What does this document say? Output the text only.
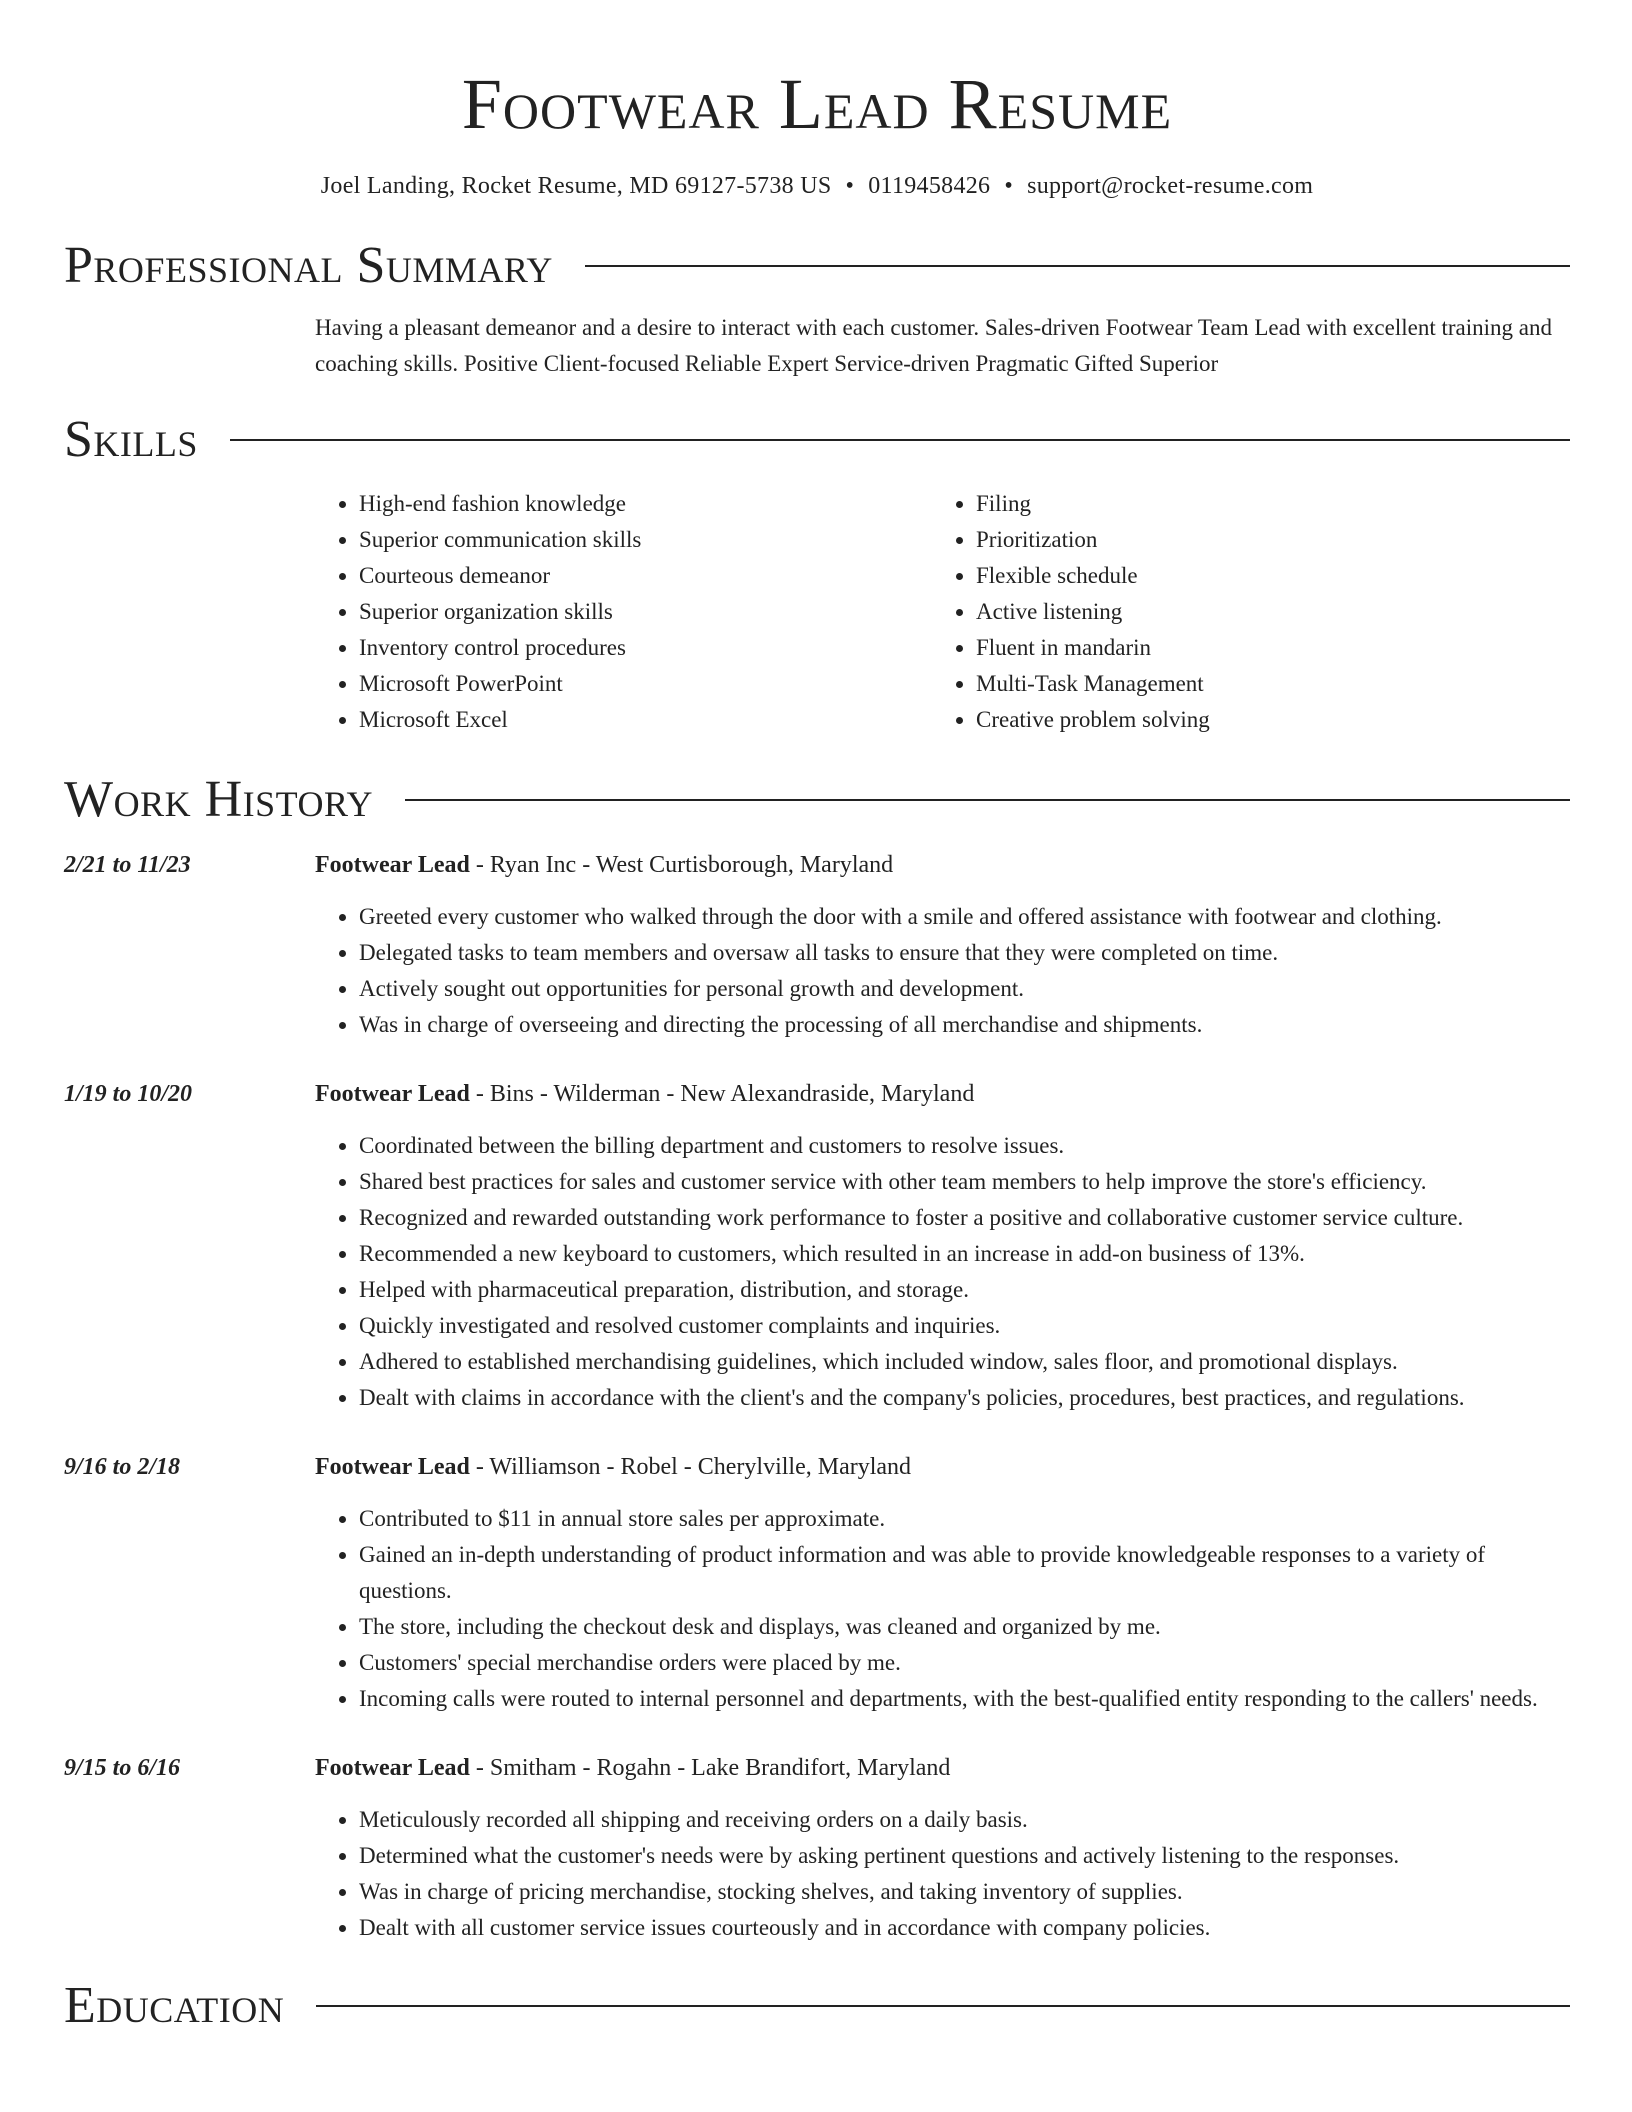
Footwear Lead Resume
Joel Landing, Rocket Resume, MD 69127-5738 US • 0119458426 • support@rocket-resume.com
Professional Summary

Having a pleasant demeanor and a desire to interact with each customer. Sales-driven Footwear Team Lead with excellent training and coaching skills. Positive Client-focused Reliable Expert Service-driven Pragmatic Gifted Superior

Skills
• High-end fashion knowledge
• Superior communication skills
• Courteous demeanor
• Superior organization skills
• Inventory control procedures
• Microsoft PowerPoint
• Microsoft Excel
• Filing
• Prioritization
• Flexible schedule
• Active listening
• Fluent in mandarin
• Multi-Task Management
• Creative problem solving
Work History
2/21 to 11/23	Footwear Lead - Ryan Inc - West Curtisborough, Maryland
• Greeted every customer who walked through the door with a smile and offered assistance with footwear and clothing.
• Delegated tasks to team members and oversaw all tasks to ensure that they were completed on time.
• Actively sought out opportunities for personal growth and development.
• Was in charge of overseeing and directing the processing of all merchandise and shipments.
1/19 to 10/20	Footwear Lead - Bins - Wilderman - New Alexandraside, Maryland
• Coordinated between the billing department and customers to resolve issues.
• Shared best practices for sales and customer service with other team members to help improve the store's efficiency.
• Recognized and rewarded outstanding work performance to foster a positive and collaborative customer service culture.
• Recommended a new keyboard to customers, which resulted in an increase in add-on business of 13%.
• Helped with pharmaceutical preparation, distribution, and storage.
• Quickly investigated and resolved customer complaints and inquiries.
• Adhered to established merchandising guidelines, which included window, sales floor, and promotional displays.
• Dealt with claims in accordance with the client's and the company's policies, procedures, best practices, and regulations.
9/16 to 2/18	Footwear Lead - Williamson - Robel - Cherylville, Maryland
• Contributed to $11 in annual store sales per approximate.
• Gained an in-depth understanding of product information and was able to provide knowledgeable responses to a variety of questions.
• The store, including the checkout desk and displays, was cleaned and organized by me.
• Customers' special merchandise orders were placed by me.
• Incoming calls were routed to internal personnel and departments, with the best-qualified entity responding to the callers' needs.
9/15 to 6/16	Footwear Lead - Smitham - Rogahn - Lake Brandifort, Maryland
• Meticulously recorded all shipping and receiving orders on a daily basis.
• Determined what the customer's needs were by asking pertinent questions and actively listening to the responses.
• Was in charge of pricing merchandise, stocking shelves, and taking inventory of supplies.
• Dealt with all customer service issues courteously and in accordance with company policies.
Education
